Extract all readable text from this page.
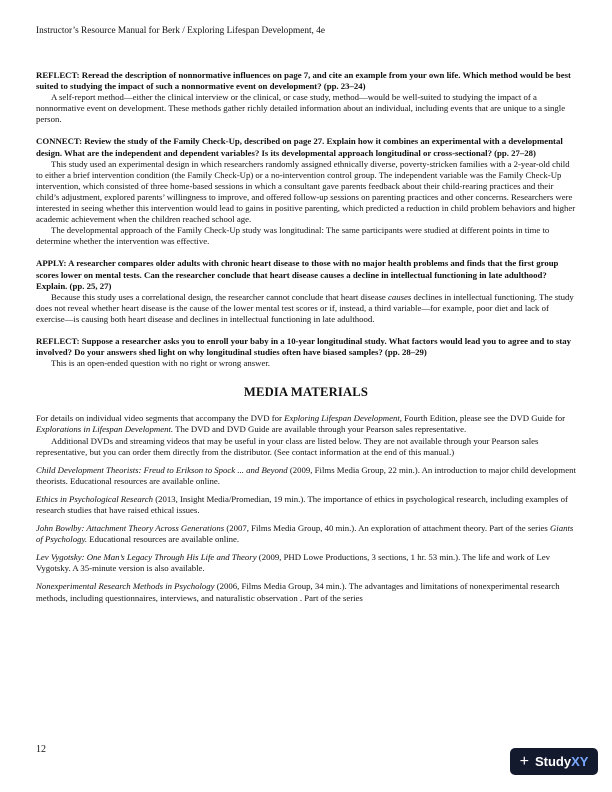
Instructor’s Resource Manual for Berk / Exploring Lifespan Development, 4e

REFLECT: Reread the description of nonnormative influences on page 7, and cite an example from your own life. Which method would be best suited to studying the impact of such a nonnormative event on development? (pp. 23–24)

A self-report method—either the clinical interview or the clinical, or case study, method—would be well-suited to studying the impact of a nonnormative event on development. These methods gather richly detailed information about an individual, including events that are unique to a single person.

CONNECT: Review the study of the Family Check-Up, described on page 27. Explain how it combines an experimental with a developmental design. What are the independent and dependent variables? Is its developmental approach longitudinal or cross-sectional? (pp. 27–28)

This study used an experimental design in which researchers randomly assigned ethnically diverse, poverty-stricken families with a 2-year-old child to either a brief intervention condition (the Family Check-Up) or a no-intervention control group. The independent variable was the Family Check-Up intervention, which consisted of three home-based sessions in which a consultant gave parents feedback about their child-rearing practices and their child’s adjustment, explored parents’ willingness to improve, and offered follow-up sessions on parenting practices and other concerns. Researchers were interested in seeing whether this intervention would lead to gains in positive parenting, which predicted a reduction in child problem behaviors and higher academic achievement when the children reached school age.

The developmental approach of the Family Check-Up study was longitudinal: The same participants were studied at different points in time to determine whether the intervention was effective.

APPLY: A researcher compares older adults with chronic heart disease to those with no major health problems and finds that the first group scores lower on mental tests. Can the researcher conclude that heart disease causes a decline in intellectual functioning in late adulthood? Explain. (pp. 25, 27)

Because this study uses a correlational design, the researcher cannot conclude that heart disease causes declines in intellectual functioning. The study does not reveal whether heart disease is the cause of the lower mental test scores or if, instead, a third variable—for example, poor diet and lack of exercise—is causing both heart disease and declines in intellectual functioning in late adulthood.

REFLECT: Suppose a researcher asks you to enroll your baby in a 10-year longitudinal study. What factors would lead you to agree and to stay involved? Do your answers shed light on why longitudinal studies often have biased samples? (pp. 28–29)

This is an open-ended question with no right or wrong answer.

MEDIA MATERIALS

For details on individual video segments that accompany the DVD for Exploring Lifespan Development, Fourth Edition, please see the DVD Guide for Explorations in Lifespan Development. The DVD and DVD Guide are available through your Pearson sales representative.

Additional DVDs and streaming videos that may be useful in your class are listed below. They are not available through your Pearson sales representative, but you can order them directly from the distributor. (See contact information at the end of this manual.)

Child Development Theorists: Freud to Erikson to Spock ... and Beyond (2009, Films Media Group, 22 min.). An introduction to major child development theorists. Educational resources are available online.

Ethics in Psychological Research (2013, Insight Media/Promedian, 19 min.). The importance of ethics in psychological research, including examples of research studies that have raised ethical issues.

John Bowlby: Attachment Theory Across Generations (2007, Films Media Group, 40 min.). An exploration of attachment theory. Part of the series Giants of Psychology. Educational resources are available online.

Lev Vygotsky: One Man’s Legacy Through His Life and Theory (2009, PHD Lowe Productions, 3 sections, 1 hr. 53 min.). The life and work of Lev Vygotsky. A 35-minute version is also available.

Nonexperimental Research Methods in Psychology (2006, Films Media Group, 34 min.). The advantages and limitations of nonexperimental research methods, including questionnaires, interviews, and naturalistic observation . Part of the series

12
+ StudyXY
